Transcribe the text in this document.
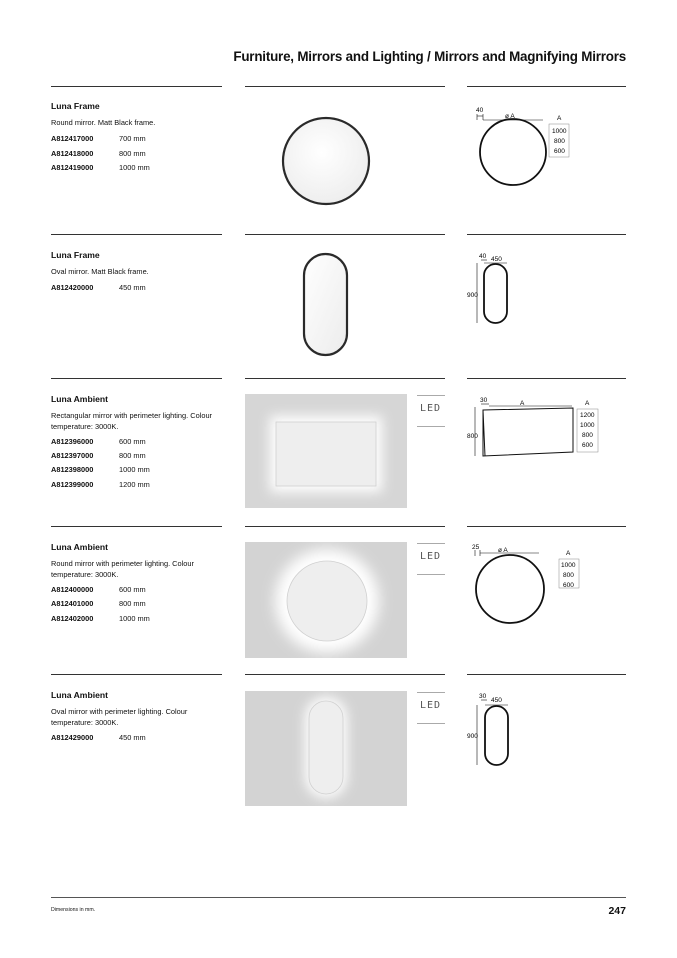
Furniture, Mirrors and Lighting / Mirrors and Magnifying Mirrors
Luna Frame
Round mirror. Matt Black frame.
A812417000	700 mm
A812418000	800 mm
A812419000	1000 mm
40
ø A	A
1000
800
600
Luna Frame
Oval mirror. Matt Black frame.
A812420000	450 mm
40 450
900
Luna Ambient
Rectangular mirror with perimeter lighting. Colour temperature: 3000K.
A812396000	600 mm
A812397000	800 mm
A812398000	1000 mm
A812399000	1200 mm
LED
30	A
800
A
1200
1000
800
600
Luna Ambient
Round mirror with perimeter lighting. Colour temperature: 3000K.
A812400000	600 mm
A812401000	800 mm
A812402000	1000 mm
LED
25	ø A	A
1000
800
600
Luna Ambient
Oval mirror with perimeter lighting. Colour temperature: 3000K.
A812429000	450 mm
LED
30
450
900
Dimensions in mm.	247
